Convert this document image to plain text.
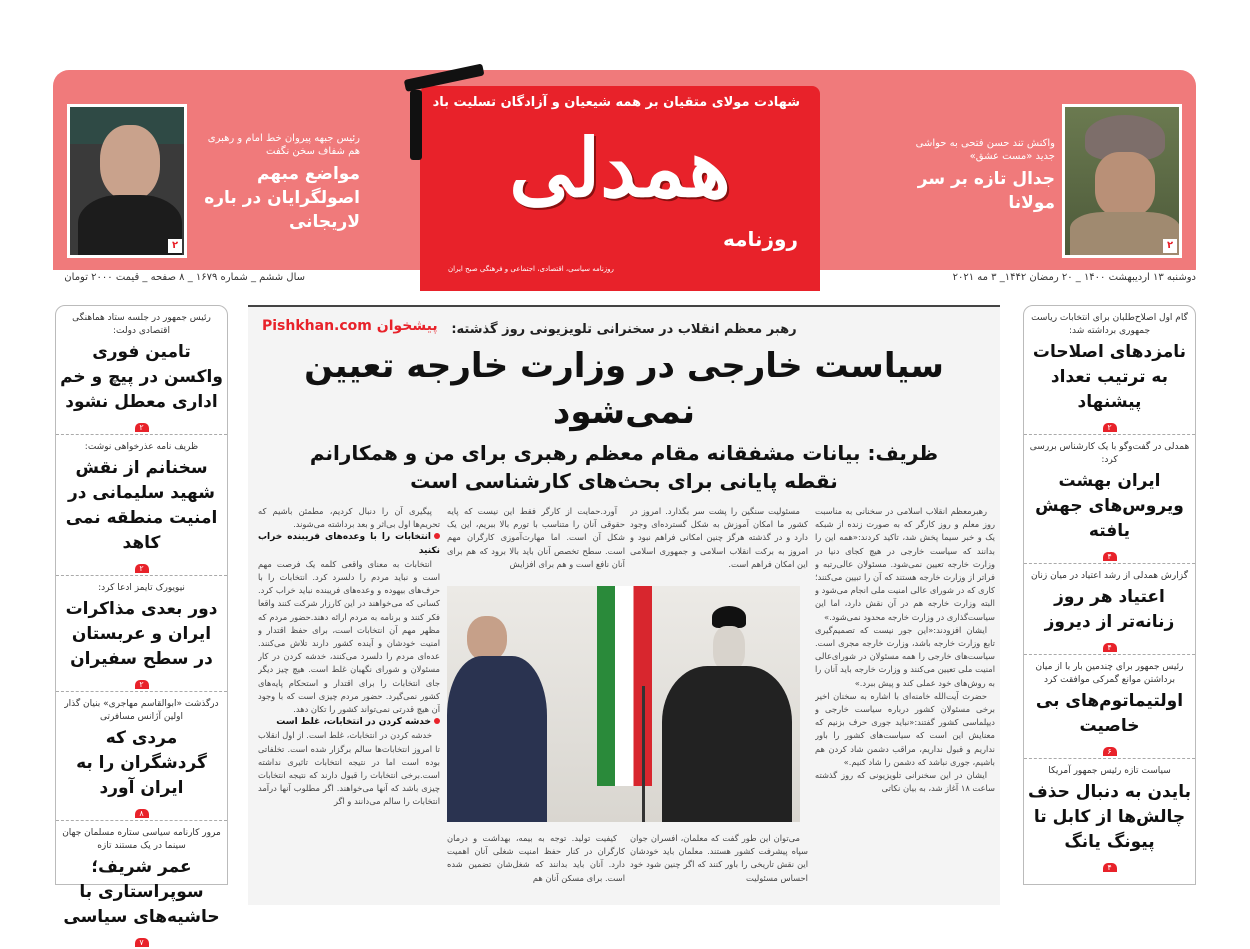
۲
رئیس جبهه پیروان خط امام و رهبری هم شفاف سخن نگفت
مواضع مبهم اصولگرایان در باره لاریجانی
۲
واکنش تند حسن فتحی به حواشی جدید «مست عشق»
جدال تازه بر سر مولانا
شهادت مولای متقیان بر همه شیعیان و آزادگان تسلیت باد
همدلی
روزنامه
روزنامه سیاسی، اقتصادی، اجتماعی و فرهنگی صبح ایران
سال ششم _ شماره ۱۶۷۹ _ ۸ صفحه _ قیمت ۲۰۰۰ تومان	دوشنبه ۱۳ اردیبهشت ۱۴۰۰ _ ۲۰ رمضان ۱۴۴۲_ ۳ مه ۲۰۲۱
رئیس جمهور در جلسه ستاد هماهنگی اقتصادی دولت:
تامین فوری واکسن در پیچ و خم اداری معطل نشود
۲
ظریف نامه عذرخواهی نوشت:
سخنانم از نقش شهید سلیمانی در امنیت منطقه نمی کاهد
۲
نیویورک تایمز ادعا کرد:
دور بعدی مذاکرات ایران و عربستان در سطح سفیران
۲
درگذشت «ابوالقاسم مهاجری» بنیان گذار اولین آژانس مسافرتی
مردی که گردشگران را به ایران آورد
۸
مرور کارنامه سیاسی ستاره مسلمان جهان سینما در یک مستند تازه
عمر شریف؛ سوپراستاری با حاشیه‌های سیاسی
۷
گام اول اصلاح‌طلبان برای انتخابات ریاست جمهوری برداشته شد:
نامزدهای اصلاحات به ترتیب تعداد پیشنهاد
۲
همدلی در گفت‌وگو با یک کارشناس بررسی کرد:
ایران بهشت ویروس‌های جهش یافته
۴
گزارش همدلی از رشد اعتیاد در میان زنان
اعتیاد هر روز زنانه‌تر از دیروز
۴
رئیس جمهور برای چندمین بار با از میان برداشتن موانع گمرکی موافقت کرد
اولتیماتوم‌های بی خاصیت
۶
سیاست تازه رئیس جمهور آمریکا
بایدن به دنبال حذف چالش‌ها از کابل تا پیونگ یانگ
۴
پیشخوان Pishkhan.com	رهبر معظم انقلاب در سخنرانی تلویزیونی روز گذشته:
سیاست خارجی در وزارت خارجه تعیین نمی‌شود
ظریف: بیانات مشفقانه مقام معظم رهبری برای من و همکارانم نقطه پایانی برای بحث‌های کارشناسی است

رهبرمعظم انقلاب اسلامی در سخنانی به مناسبت روز معلم و روز کارگر که به صورت زنده از شبکه یک و خبر سیما پخش شد، تاکید کردند:«همه این را بدانند که سیاست خارجی در هیچ کجای دنیا در وزارت خارجه تعیین نمی‌شود. مسئولان عالی‌رتبه و فراتر از وزارت خارجه هستند که آن را تبیین می‌کنند؛ کاری که در شورای عالی امنیت ملی انجام می‌شود و البته وزارت خارجه هم در آن نقش دارد، اما این سیاست‌گذاری در وزارت خارجه محدود نمی‌شود.»

ایشان افزودند:«این جور نیست که تصمیم‌گیری تابع وزارت خارجه باشد، وزارت خارجه مجری است. سیاست‌های خارجی را همه مسئولان در شورای‌عالی امنیت ملی تعیین می‌کنند و وزارت خارجه باید آنان را به روش‌های خود عملی کند و پیش ببرد.»

حضرت آیت‌الله خامنه‌ای با اشاره به سخنان اخیر برخی مسئولان کشور درباره سیاست خارجی و دیپلماسی کشور گفتند:«نباید جوری حرف بزنیم که معنایش این است که سیاست‌های کشور را باور نداریم و قبول نداریم، مراقب دشمن شاد کردن هم باشیم، جوری نباشد که دشمن را شاد کنیم.»

ایشان در این سخنرانی تلویزیونی که روز گذشته ساعت ۱۸ آغاز شد، به بیان نکاتی

مسئولیت سنگین را پشت سر بگذارد. امروز در کشور ما امکان آموزش به شکل گسترده‌ای وجود دارد و در گذشته هرگز چنین امکانی فراهم نبود و امروز به برکت انقلاب اسلامی و جمهوری اسلامی این امکان فراهم است.

آورد.حمایت از کارگر فقط این نیست که پایه حقوقی آنان را متناسب با تورم بالا ببریم، این یک شکل آن است. اما مهارت‌آموزی کارگران مهم است. سطح تخصص آنان باید بالا برود که هم برای آنان نافع است و هم برای افزایش

می‌توان این طور گفت که معلمان، افسران جوان سپاه پیشرفت کشور هستند. معلمان باید خودشان این نقش تاریخی را باور کنند که اگر چنین شود خود احساس مسئولیت

کیفیت تولید. توجه به بیمه، بهداشت و درمان کارگران در کنار حفظ امنیت شغلی آنان اهمیت دارد. آنان باید بدانند که شغل‌شان تضمین شده است. برای مسکن آنان هم

پیگیری آن را دنبال کردیم، مطمئن باشیم که تحریم‌ها اول بی‌اثر و بعد برداشته می‌شوند.

انتخابات را با وعده‌های فریبنده خراب نکنید

انتخابات به معنای واقعی کلمه یک فرصت مهم است و نباید مردم را دلسرد کرد. انتخابات را با حرف‌های بیهوده و وعده‌های فریبنده نباید خراب کرد. کسانی که می‌خواهند در این کارزار شرکت کنند واقعا فکر کنند و برنامه به مردم ارائه دهند.حضور مردم که مظهر مهم آن انتخابات است، برای حفظ اقتدار و امنیت خودشان و آینده کشور دارند تلاش می‌کنند. عده‌ای مردم را دلسرد می‌کنند، خدشه کردن در کار مسئولان و شورای نگهبان غلط است. هیچ چیز دیگر جای انتخابات را برای اقتدار و استحکام پایه‌های کشور نمی‌گیرد. حضور مردم چیزی است که با وجود آن هیچ قدرتی نمی‌تواند کشور را تکان دهد.

خدشه کردن در انتخابات، غلط است

خدشه کردن در انتخابات، غلط است. از اول انقلاب تا امروز انتخابات‌ها سالم برگزار شده است. تخلفاتی بوده است اما در نتیجه انتخابات تاثیری نداشته است.برخی انتخابات را قبول دارند که نتیجه انتخابات چیزی باشد که آنها می‌خواهند. اگر مطلوب آنها درآمد انتخابات را سالم می‌دانند و اگر
